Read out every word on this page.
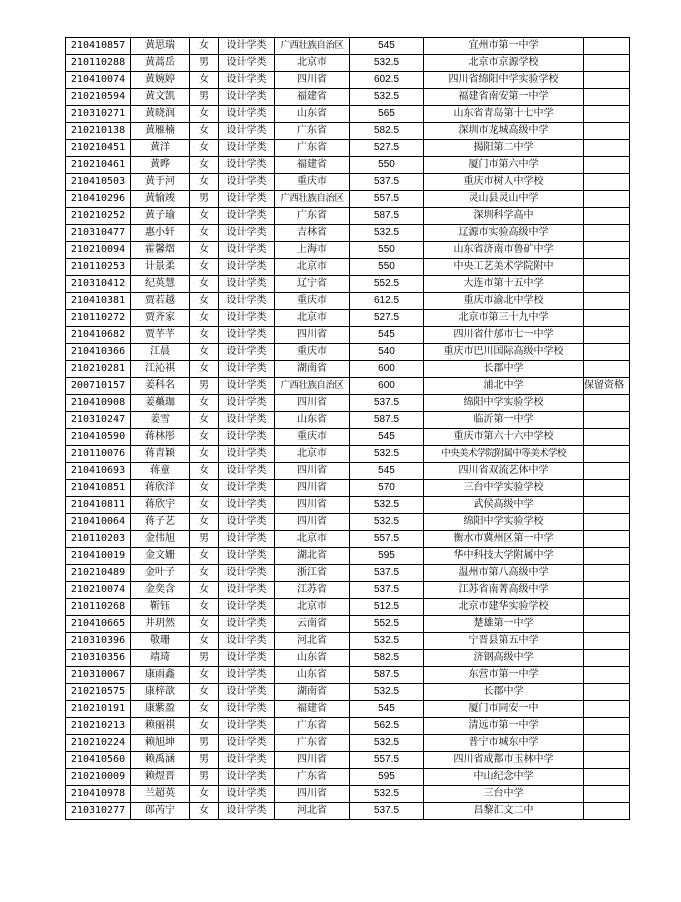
210410857	黄思瑞	女	设计学类	广西壮族自治区	545	宜州市第一中学	
210110288	黄蒿岳	男	设计学类	北京市	532.5	北京市京源学校	
210410074	黄婉婷	女	设计学类	四川省	602.5	四川省绵阳中学实验学校	
210210594	黄文凯	男	设计学类	福建省	532.5	福建省南安第一中学	
210310271	黄晓润	女	设计学类	山东省	565	山东省青岛第十七中学	
210210138	黄雁楠	女	设计学类	广东省	582.5	深圳市龙城高级中学	
210210451	黄洋	女	设计学类	广东省	527.5	揭阳第二中学	
210210461	黄晔	女	设计学类	福建省	550	厦门市第六中学	
210410503	黄于河	女	设计学类	重庆市	537.5	重庆市树人中学校	
210410296	黄愉竣	男	设计学类	广西壮族自治区	557.5	灵山县灵山中学	
210210252	黄子瑜	女	设计学类	广东省	587.5	深圳科学高中	
210310477	惠小轩	女	设计学类	吉林省	532.5	辽源市实验高级中学	
210210094	霍馨熠	女	设计学类	上海市	550	山东省济南市鲁矿中学	
210110253	计景柔	女	设计学类	北京市	550	中央工艺美术学院附中	
210310412	纪英慧	女	设计学类	辽宁省	552.5	大连市第十五中学	
210410381	贾若越	女	设计学类	重庆市	612.5	重庆市渝北中学校	
210110272	贾齐家	女	设计学类	北京市	527.5	北京市第三十九中学	
210410682	贾芊芊	女	设计学类	四川省	545	四川省什邡市七一中学	
210410366	江晨	女	设计学类	重庆市	540	重庆市巴川国际高级中学校	
210210281	江沁祺	女	设计学类	湖南省	600	长郡中学	
200710157	姜科名	男	设计学类	广西壮族自治区	600	浦北中学	保留资格
210410908	姜蘽珈	女	设计学类	四川省	537.5	绵阳中学实验学校	
210310247	姜雪	女	设计学类	山东省	587.5	临沂第一中学	
210410590	蒋林彤	女	设计学类	重庆市	545	重庆市第六十六中学校	
210110076	蒋青颖	女	设计学类	北京市	532.5	中央美术学院附属中等美术学校	
210410693	蒋童	女	设计学类	四川省	545	四川省双流艺体中学	
210410851	蒋欣洋	女	设计学类	四川省	570	三台中学实验学校	
210410811	蒋欣宇	女	设计学类	四川省	532.5	武侯高级中学	
210410064	蒋子艺	女	设计学类	四川省	532.5	绵阳中学实验学校	
210110203	金伟旭	男	设计学类	北京市	557.5	衡水市冀州区第一中学	
210410019	金文姗	女	设计学类	湖北省	595	华中科技大学附属中学	
210210489	金叶子	女	设计学类	浙江省	537.5	温州市第八高级中学	
210210074	金奕含	女	设计学类	江苏省	537.5	江苏省南菁高级中学	
210110268	靳钰	女	设计学类	北京市	512.5	北京市建华实验学校	
210410665	井玥然	女	设计学类	云南省	552.5	楚雄第一中学	
210310396	敬珊	女	设计学类	河北省	532.5	宁晋县第五中学	
210310356	靖琦	男	设计学类	山东省	582.5	济钢高级中学	
210310067	康雨鑫	女	设计学类	山东省	587.5	东营市第一中学	
210210575	康梓歆	女	设计学类	湖南省	532.5	长郡中学	
210210191	康紫盈	女	设计学类	福建省	545	厦门市同安一中	
210210213	赖丽祺	女	设计学类	广东省	562.5	清远市第一中学	
210210224	赖旭坤	男	设计学类	广东省	532.5	普宁市城东中学	
210410560	赖禹涵	男	设计学类	四川省	557.5	四川省成都市玉林中学	
210210009	赖煜晋	男	设计学类	广东省	595	中山纪念中学	
210410978	兰超英	女	设计学类	四川省	532.5	三台中学	
210310277	郎芮宁	女	设计学类	河北省	537.5	昌黎汇文二中	
